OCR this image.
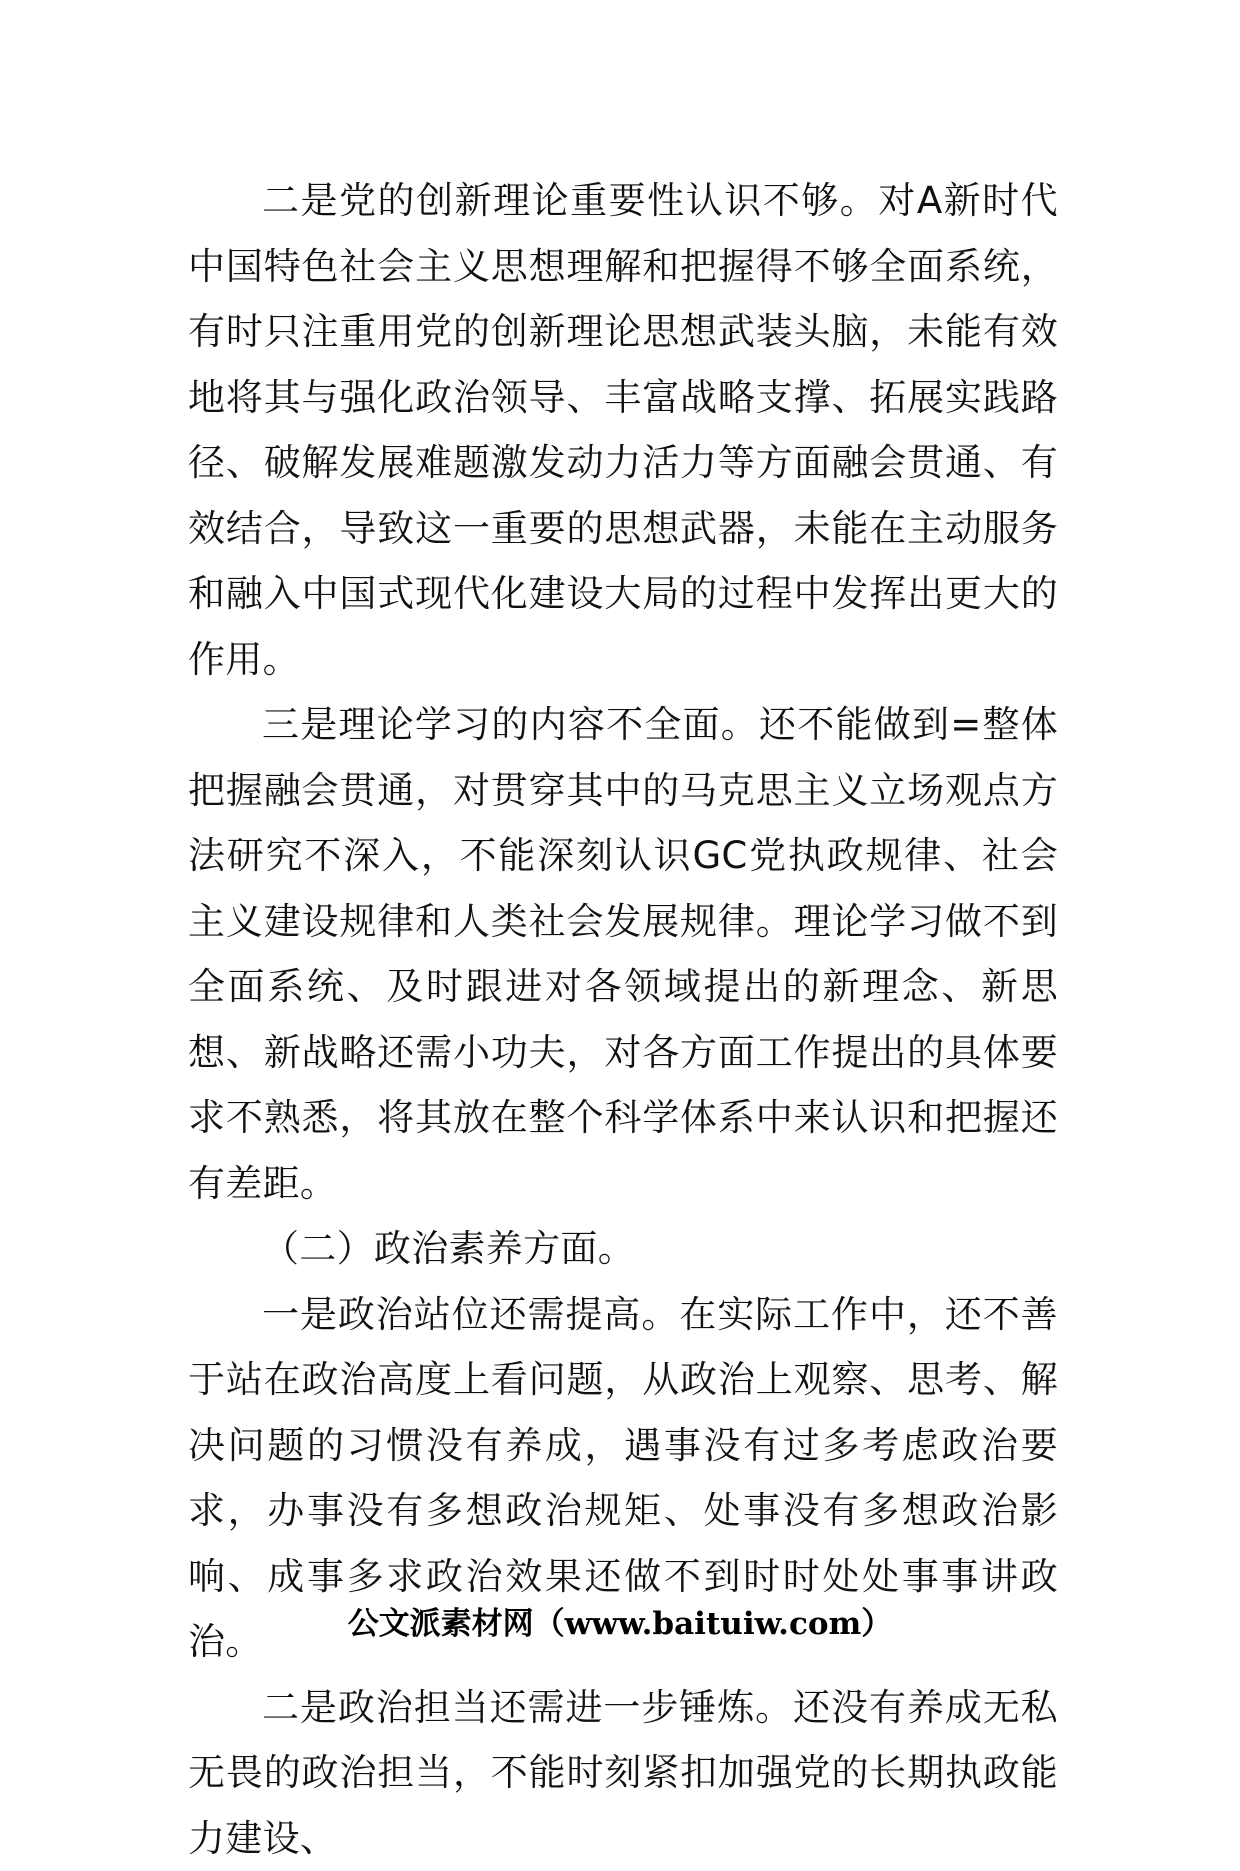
二是党的创新理论重要性认识不够。对A新时代中国特色社会主义思想理解和把握得不够全面系统，有时只注重用党的创新理论思想武装头脑，未能有效地将其与强化政治领导、丰富战略支撑、拓展实践路径、破解发展难题激发动力活力等方面融会贯通、有效结合，导致这一重要的思想武器，未能在主动服务和融入中国式现代化建设大局的过程中发挥出更大的作用。

三是理论学习的内容不全面。还不能做到=整体把握融会贯通，对贯穿其中的马克思主义立场观点方法研究不深入，不能深刻认识GC党执政规律、社会主义建设规律和人类社会发展规律。理论学习做不到全面系统、及时跟进对各领域提出的新理念、新思想、新战略还需小功夫，对各方面工作提出的具体要求不熟悉，将其放在整个科学体系中来认识和把握还有差距。

（二）政治素养方面。

一是政治站位还需提高。在实际工作中，还不善于站在政治高度上看问题，从政治上观察、思考、解决问题的习惯没有养成，遇事没有过多考虑政治要求，办事没有多想政治规矩、处事没有多想政治影响、成事多求政治效果还做不到时时处处事事讲政治。

二是政治担当还需进一步锤炼。还没有养成无私无畏的政治担当，不能时刻紧扣加强党的长期执政能力建设、

公文派素材网（www.baituiw.com）
